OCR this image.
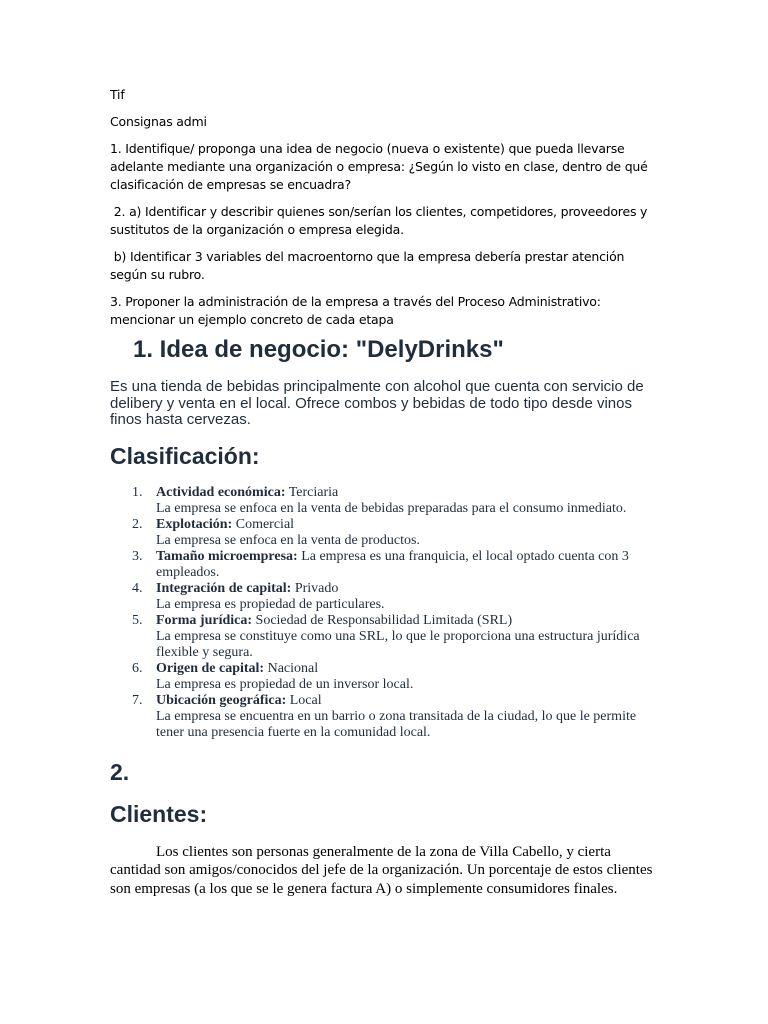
Tif

Consignas admi

1. Identifique/ proponga una idea de negocio (nueva o existente) que pueda llevarse adelante mediante una organización o empresa: ¿Según lo visto en clase, dentro de qué clasificación de empresas se encuadra?

2. a) Identificar y describir quienes son/serían los clientes, competidores, proveedores y sustitutos de la organización o empresa elegida.

b) Identificar 3 variables del macroentorno que la empresa debería prestar atención según su rubro.

3. Proponer la administración de la empresa a través del Proceso Administrativo: mencionar un ejemplo concreto de cada etapa

1. Idea de negocio: "DelyDrinks"

Es una tienda de bebidas principalmente con alcohol que cuenta con servicio de delibery y venta en el local. Ofrece combos y bebidas de todo tipo desde vinos finos hasta cervezas.

Clasificación:
1. Actividad económica: Terciaria
La empresa se enfoca en la venta de bebidas preparadas para el consumo inmediato.
2. Explotación: Comercial
La empresa se enfoca en la venta de productos.
3. Tamaño microempresa: La empresa es una franquicia, el local optado cuenta con 3 empleados.
4. Integración de capital: Privado
La empresa es propiedad de particulares.
5. Forma jurídica: Sociedad de Responsabilidad Limitada (SRL)
La empresa se constituye como una SRL, lo que le proporciona una estructura jurídica flexible y segura.
6. Origen de capital: Nacional
La empresa es propiedad de un inversor local.
7. Ubicación geográfica: Local
La empresa se encuentra en un barrio o zona transitada de la ciudad, lo que le permite tener una presencia fuerte en la comunidad local.
2.
Clientes:

Los clientes son personas generalmente de la zona de Villa Cabello, y cierta cantidad son amigos/conocidos del jefe de la organización. Un porcentaje de estos clientes son empresas (a los que se le genera factura A) o simplemente consumidores finales.
